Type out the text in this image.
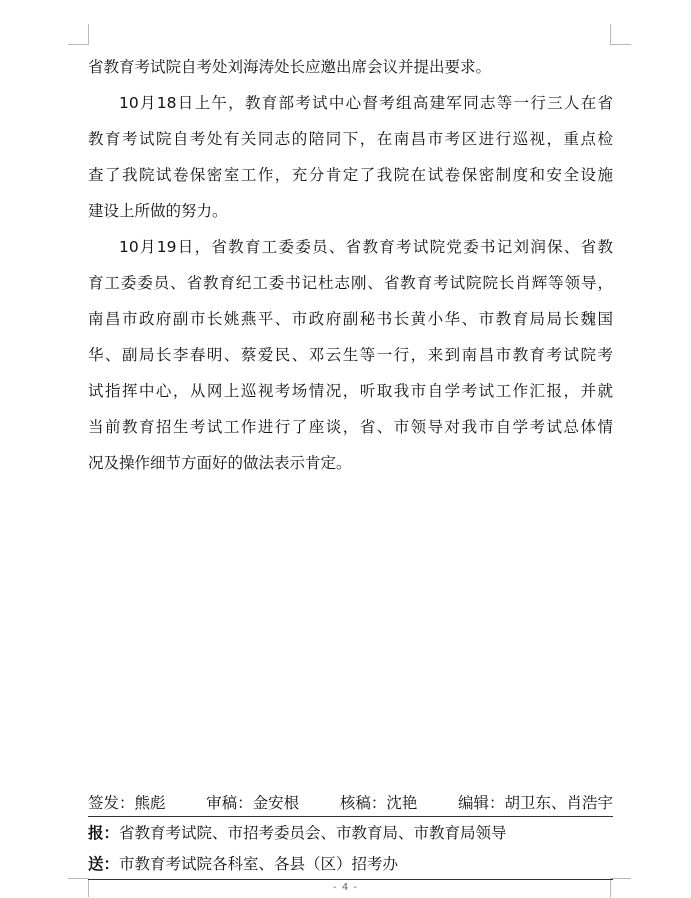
省教育考试院自考处刘海涛处长应邀出席会议并提出要求。
10月18日上午，教育部考试中心督考组高建军同志等一行三人在省
教育考试院自考处有关同志的陪同下，在南昌市考区进行巡视，重点检
查了我院试卷保密室工作，充分肯定了我院在试卷保密制度和安全设施
建设上所做的努力。
10月19日，省教育工委委员、省教育考试院党委书记刘润保、省教
育工委委员、省教育纪工委书记杜志刚、省教育考试院院长肖辉等领导，
南昌市政府副市长姚燕平、市政府副秘书长黄小华、市教育局局长魏国
华、副局长李春明、蔡爱民、邓云生等一行，来到南昌市教育考试院考
试指挥中心，从网上巡视考场情况，听取我市自学考试工作汇报，并就
当前教育招生考试工作进行了座谈，省、市领导对我市自学考试总体情
况及操作细节方面好的做法表示肯定。
签发：熊彪	审稿：金安根	核稿：沈艳	编辑：胡卫东、肖浩宇
报：省教育考试院、市招考委员会、市教育局、市教育局领导
送：市教育考试院各科室、各县（区）招考办
- 4 -
